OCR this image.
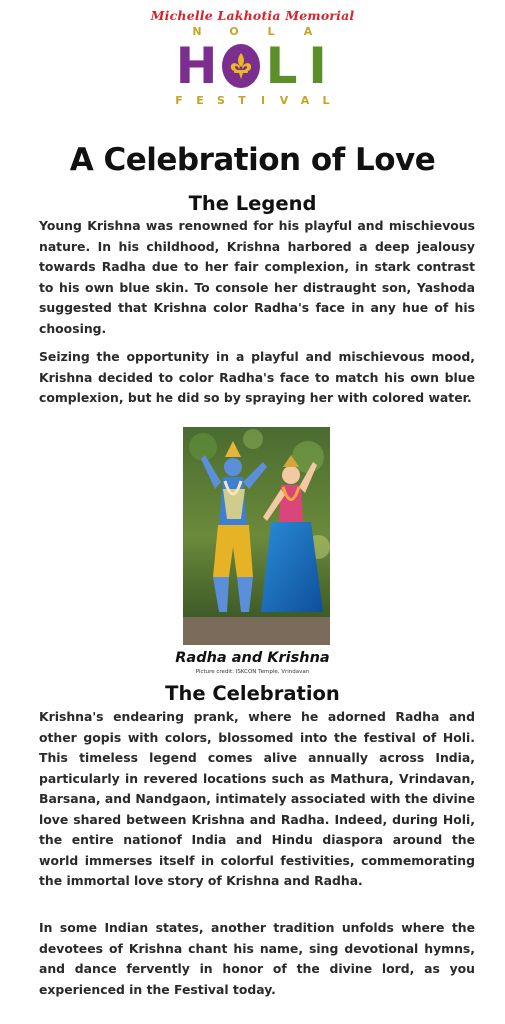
Michelle Lakhotia Memorial
N	O	L	A
H L I
F E S T I V A L
A Celebration of Love
The Legend

Young Krishna was renowned for his playful and mischievous nature. In his childhood, Krishna harbored a deep jealousy towards Radha due to her fair complexion, in stark contrast to his own blue skin. To console her distraught son, Yashoda suggested that Krishna color Radha's face in any hue of his choosing.

Seizing the opportunity in a playful and mischievous mood, Krishna decided to color Radha's face to match his own blue complexion, but he did so by spraying her with colored water.

Radha and Krishna
Picture credit: ISKCON Temple, Vrindavan
The Celebration

Krishna's endearing prank, where he adorned Radha and other gopis with colors, blossomed into the festival of Holi. This timeless legend comes alive annually across India, particularly in revered locations such as Mathura, Vrindavan, Barsana, and Nandgaon, intimately associated with the divine love shared between Krishna and Radha. Indeed, during Holi, the entire nationof India and Hindu diaspora around the world immerses itself in colorful festivities, commemorating the immortal love story of Krishna and Radha.

In some Indian states, another tradition unfolds where the devotees of Krishna chant his name, sing devotional hymns, and dance fervently in honor of the divine lord, as you experienced in the Festival today.
